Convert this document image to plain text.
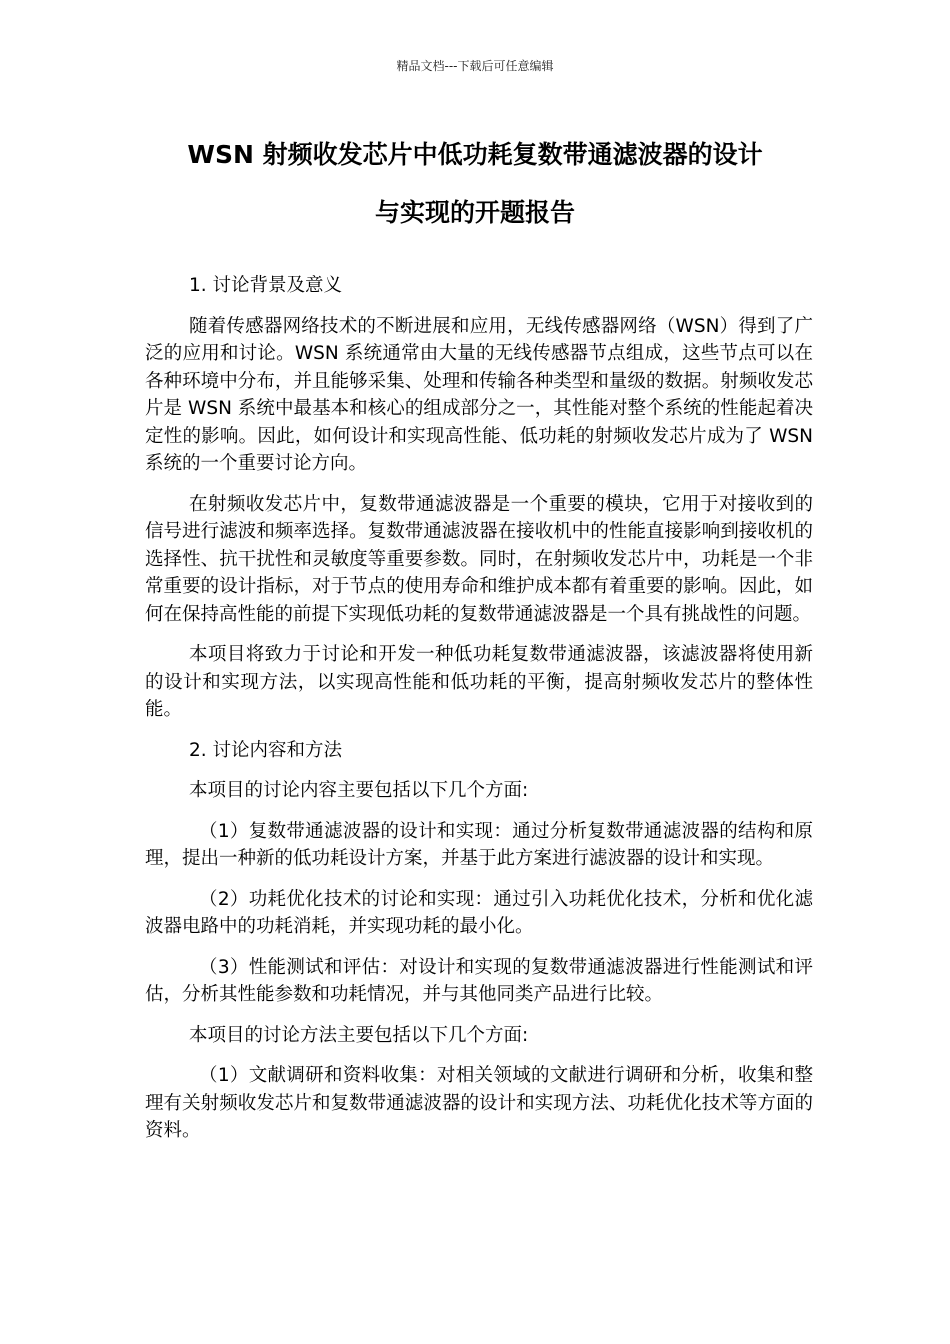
精品文档---下载后可任意编辑
WSN 射频收发芯片中低功耗复数带通滤波器的设计
与实现的开题报告

1. 讨论背景及意义

随着传感器网络技术的不断进展和应用，无线传感器网络（WSN）得到了广泛的应用和讨论。WSN 系统通常由大量的无线传感器节点组成，这些节点可以在各种环境中分布，并且能够采集、处理和传输各种类型和量级的数据。射频收发芯片是 WSN 系统中最基本和核心的组成部分之一，其性能对整个系统的性能起着决定性的影响。因此，如何设计和实现高性能、低功耗的射频收发芯片成为了 WSN 系统的一个重要讨论方向。

在射频收发芯片中，复数带通滤波器是一个重要的模块，它用于对接收到的信号进行滤波和频率选择。复数带通滤波器在接收机中的性能直接影响到接收机的选择性、抗干扰性和灵敏度等重要参数。同时，在射频收发芯片中，功耗是一个非常重要的设计指标，对于节点的使用寿命和维护成本都有着重要的影响。因此，如何在保持高性能的前提下实现低功耗的复数带通滤波器是一个具有挑战性的问题。

本项目将致力于讨论和开发一种低功耗复数带通滤波器，该滤波器将使用新的设计和实现方法，以实现高性能和低功耗的平衡，提高射频收发芯片的整体性能。

2. 讨论内容和方法

本项目的讨论内容主要包括以下几个方面:

（1）复数带通滤波器的设计和实现：通过分析复数带通滤波器的结构和原理，提出一种新的低功耗设计方案，并基于此方案进行滤波器的设计和实现。

（2）功耗优化技术的讨论和实现：通过引入功耗优化技术，分析和优化滤波器电路中的功耗消耗，并实现功耗的最小化。

（3）性能测试和评估：对设计和实现的复数带通滤波器进行性能测试和评估，分析其性能参数和功耗情况，并与其他同类产品进行比较。

本项目的讨论方法主要包括以下几个方面:

（1）文献调研和资料收集：对相关领域的文献进行调研和分析，收集和整理有关射频收发芯片和复数带通滤波器的设计和实现方法、功耗优化技术等方面的资料。
